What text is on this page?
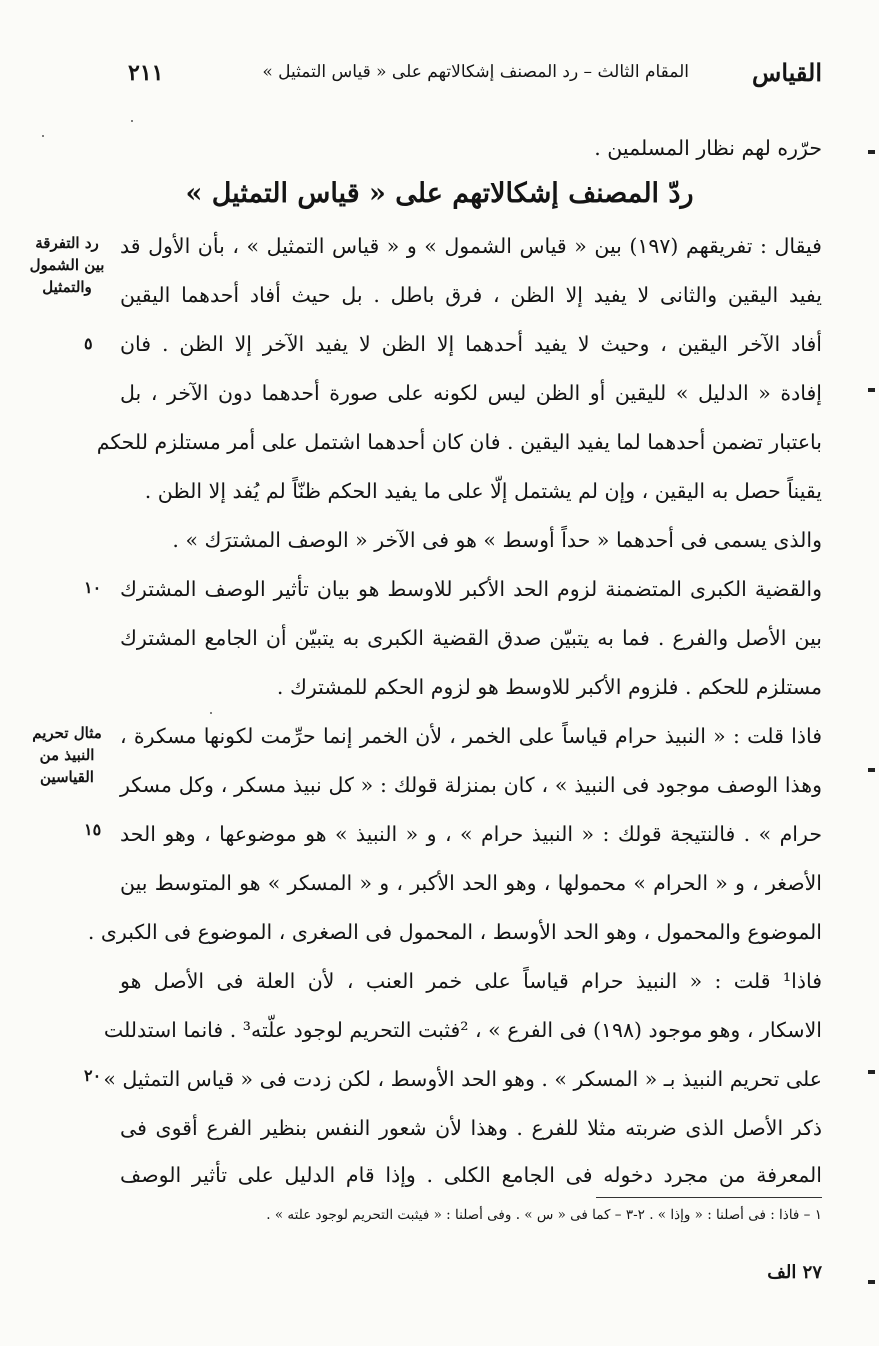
القياس
المقام الثالث – رد المصنف إشكالاتهم على « قياس التمثيل »
٢١١
حرّره لهم نظار المسلمين .
ردّ المصنف إشكالاتهم على « قياس التمثيل »
فيقال : تفريقهم (١٩٧) بين « قياس الشمول » و « قياس التمثيل » ، بأن الأول قد
يفيد اليقين والثانى لا يفيد إلا الظن ، فرق باطل . بل حيث أفاد أحدهما اليقين
أفاد الآخر اليقين ، وحيث لا يفيد أحدهما إلا الظن لا يفيد الآخر إلا الظن . فان
إفادة « الدليل » لليقين أو الظن ليس لكونه على صورة أحدهما دون الآخر ، بل
باعتبار تضمن أحدهما لما يفيد اليقين . فان كان أحدهما اشتمل على أمر مستلزم للحكم
يقيناً حصل به اليقين ، وإن لم يشتمل إلّا على ما يفيد الحكم ظنّاً لم يُفد إلا الظن .
والذى يسمى فى أحدهما « حداً أوسط » هو فى الآخر « الوصف المشترَك » .
والقضية الكبرى المتضمنة لزوم الحد الأكبر للاوسط هو بيان تأثير الوصف المشترك
بين الأصل والفرع . فما به يتبيّن صدق القضية الكبرى به يتبيّن أن الجامع المشترك
مستلزم للحكم . فلزوم الأكبر للاوسط هو لزوم الحكم للمشترك .
فاذا قلت : « النبيذ حرام قياساً على الخمر ، لأن الخمر إنما حرِّمت لكونها مسكرة ،
وهذا الوصف موجود فى النبيذ » ، كان بمنزلة قولك : « كل نبيذ مسكر ، وكل مسكر
حرام » . فالنتيجة قولك : « النبيذ حرام » ، و « النبيذ » هو موضوعها ، وهو الحد
الأصغر ، و « الحرام » محمولها ، وهو الحد الأكبر ، و « المسكر » هو المتوسط بين
الموضوع والمحمول ، وهو الحد الأوسط ، المحمول فى الصغرى ، الموضوع فى الكبرى .
فاذا¹ قلت : « النبيذ حرام قياساً على خمر العنب ، لأن العلة فى الأصل هو
الاسكار ، وهو موجود (١٩٨) فى الفرع » ، ²فثبت التحريم لوجود علّته³ . فانما استدللت
على تحريم النبيذ بـ « المسكر » . وهو الحد الأوسط ، لكن زدت فى « قياس التمثيل »
ذكر الأصل الذى ضربته مثلا للفرع . وهذا لأن شعور النفس بنظير الفرع أقوى فى
المعرفة من مجرد دخوله فى الجامع الكلى . وإذا قام الدليل على تأثير الوصف
رد التفرقة
بين الشمول
والتمثيل
مثال تحريم
النبيذ من
القياسين
٥
١٠
١٥
٢٠
١ – فاذا : فى أصلنا : « وإذا » . ٢-٣ – كما فى « س » . وفى أصلنا : « فيثبت التحريم لوجود علته » .
٢٧ الف
